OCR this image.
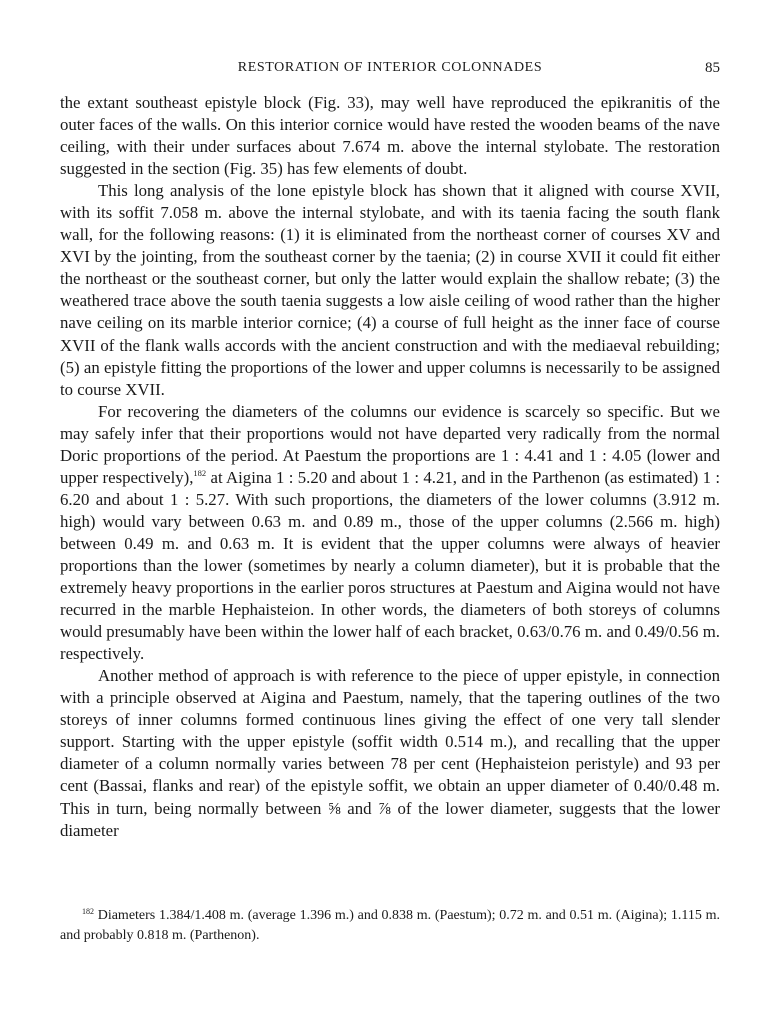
RESTORATION OF INTERIOR COLONNADES	85

the extant southeast epistyle block (Fig. 33), may well have reproduced the epikranitis of the outer faces of the walls. On this interior cornice would have rested the wooden beams of the nave ceiling, with their under surfaces about 7.674 m. above the internal stylobate. The restoration suggested in the section (Fig. 35) has few elements of doubt.

This long analysis of the lone epistyle block has shown that it aligned with course XVII, with its soffit 7.058 m. above the internal stylobate, and with its taenia facing the south flank wall, for the following reasons: (1) it is eliminated from the northeast corner of courses XV and XVI by the jointing, from the southeast corner by the taenia; (2) in course XVII it could fit either the northeast or the southeast corner, but only the latter would explain the shallow rebate; (3) the weathered trace above the south taenia suggests a low aisle ceiling of wood rather than the higher nave ceiling on its marble interior cornice; (4) a course of full height as the inner face of course XVII of the flank walls accords with the ancient construction and with the mediaeval rebuilding; (5) an epistyle fitting the proportions of the lower and upper columns is necessarily to be assigned to course XVII.

For recovering the diameters of the columns our evidence is scarcely so specific. But we may safely infer that their proportions would not have departed very radically from the normal Doric proportions of the period. At Paestum the proportions are 1 : 4.41 and 1 : 4.05 (lower and upper respectively),$^{182}$ at Aigina 1 : 5.20 and about 1 : 4.21, and in the Parthenon (as estimated) 1 : 6.20 and about 1 : 5.27. With such proportions, the diameters of the lower columns (3.912 m. high) would vary between 0.63 m. and 0.89 m., those of the upper columns (2.566 m. high) between 0.49 m. and 0.63 m. It is evident that the upper columns were always of heavier proportions than the lower (sometimes by nearly a column diameter), but it is probable that the extremely heavy proportions in the earlier poros structures at Paestum and Aigina would not have recurred in the marble Hephaisteion. In other words, the diameters of both storeys of columns would presumably have been within the lower half of each bracket, 0.63/0.76 m. and 0.49/0.56 m. respectively.

Another method of approach is with reference to the piece of upper epistyle, in connection with a principle observed at Aigina and Paestum, namely, that the tapering outlines of the two storeys of inner columns formed continuous lines giving the effect of one very tall slender support. Starting with the upper epistyle (soffit width 0.514 m.), and recalling that the upper diameter of a column normally varies between 78 per cent (Hephaisteion peristyle) and 93 per cent (Bassai, flanks and rear) of the epistyle soffit, we obtain an upper diameter of 0.40/0.48 m. This in turn, being normally between ⅝ and ⅞ of the lower diameter, suggests that the lower diameter

$^{182}$ Diameters 1.384/1.408 m. (average 1.396 m.) and 0.838 m. (Paestum); 0.72 m. and 0.51 m. (Aigina); 1.115 m. and probably 0.818 m. (Parthenon).
